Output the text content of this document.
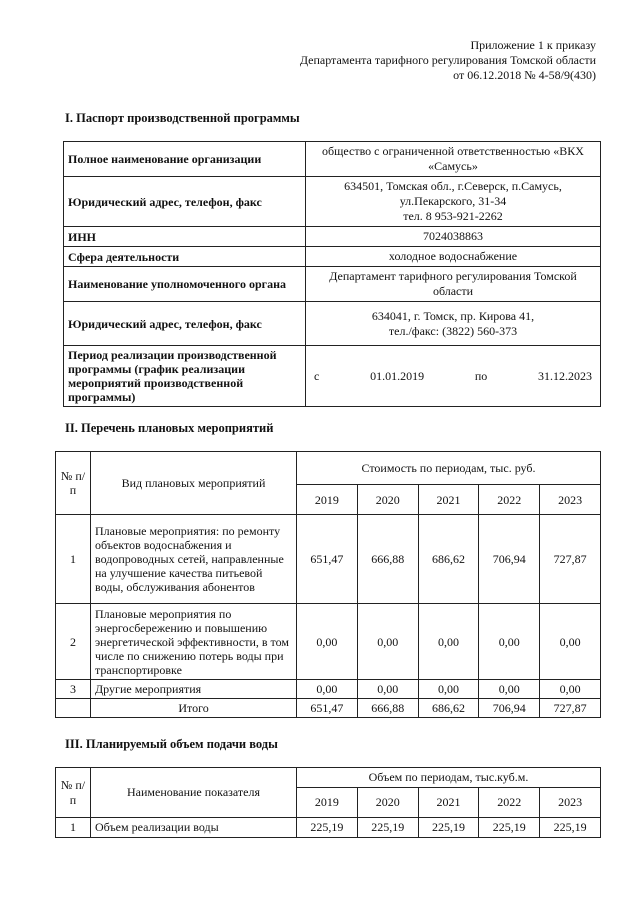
Приложение 1 к приказу
Департамента тарифного регулирования Томской области
от 06.12.2018 № 4-58/9(430)
I. Паспорт производственной программы
Полное наименование организации	общество с ограниченной ответственностью «ВКХ «Самусь»
Юридический адрес, телефон, факс	634501, Томская обл., г.Северск, п.Самусь,
ул.Пекарского, 31-34
тел. 8 953-921-2262

ИНН	7024038863
Сфера деятельности	холодное водоснабжение
Наименование уполномоченного органа	Департамент тарифного регулирования Томской области
Юридический адрес, телефон, факс	634041, г. Томск, пр. Кирова 41,
тел./факс: (3822) 560-373

Период реализации производственной программы (график реализации мероприятий производственной программы)	с 01.01.2019 по 31.12.2023
II. Перечень плановых мероприятий
№ п/п	Вид плановых мероприятий	Стоимость по периодам, тыс. руб.				
		2019	2020	2021	2022	2023
1	Плановые мероприятия: по ремонту объектов водоснабжения и водопроводных сетей, направленные на улучшение качества питьевой воды, обслуживания абонентов	651,47	666,88	686,62	706,94	727,87
2	Плановые мероприятия по энергосбережению и повышению энергетической эффективности, в том числе по снижению потерь воды при транспортировке	0,00	0,00	0,00	0,00	0,00
3	Другие мероприятия	0,00	0,00	0,00	0,00	0,00
	Итого	651,47	666,88	686,62	706,94	727,87
III. Планируемый объем подачи воды
№ п/п	Наименование показателя	Объем по периодам, тыс.куб.м.				
		2019	2020	2021	2022	2023
1	Объем реализации воды	225,19	225,19	225,19	225,19	225,19
